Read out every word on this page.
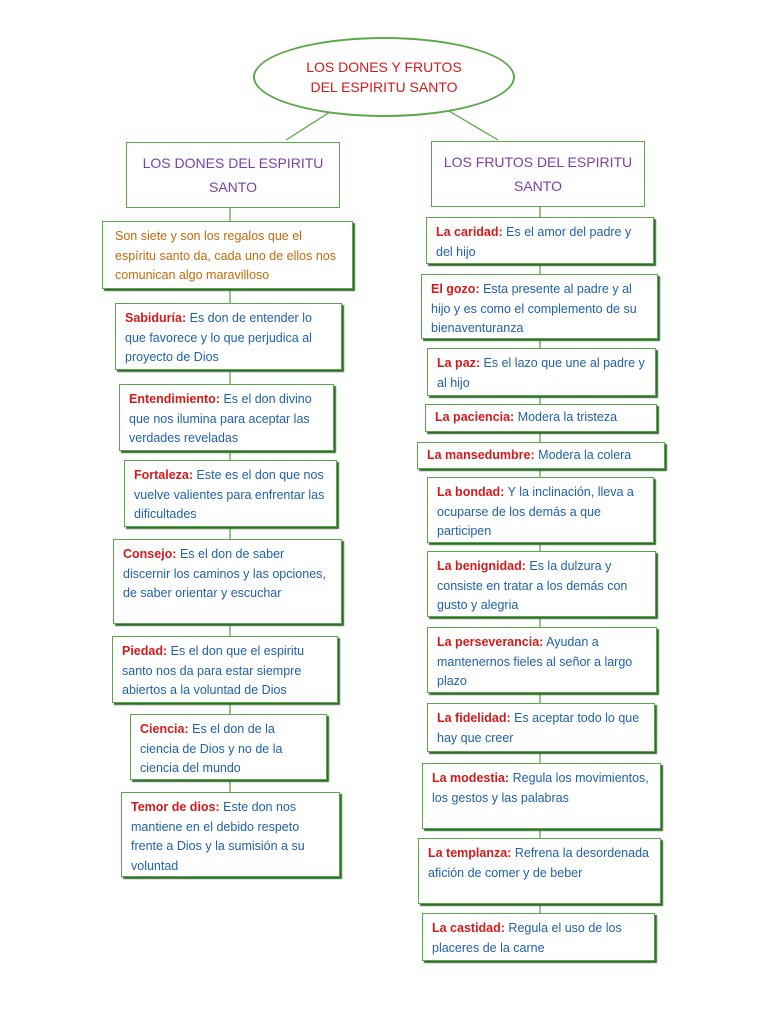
LOS DONES Y FRUTOS
DEL ESPIRITU SANTO
LOS DONES DEL ESPIRITU SANTO
LOS FRUTOS DEL ESPIRITU SANTO
Son siete y son los regalos que el espíritu santo da, cada uno de ellos nos comunican algo maravilloso
Sabiduría: Es don de entender lo que favorece y lo que perjudica al proyecto de Dios
Entendimiento: Es el don divino que nos ilumina para aceptar las verdades reveladas
Fortaleza: Este es el don que nos vuelve valientes para enfrentar las dificultades
Consejo: Es el don de saber discernir los caminos y las opciones, de saber orientar y escuchar
Piedad: Es el don que el espiritu santo nos da para estar siempre abiertos a la voluntad de Dios
Ciencia: Es el don de la ciencia de Dios y no de la ciencia del mundo
Temor de dios: Este don nos mantiene en el debido respeto frente a Dios y la sumisión a su voluntad
La caridad: Es el amor del padre y del hijo
El gozo: Esta presente al padre y al hijo y es como el complemento de su bienaventuranza
La paz: Es el lazo que une al padre y al hijo
La paciencia: Modera la tristeza
La mansedumbre: Modera la colera
La bondad: Y la inclinación, lleva a ocuparse de los demás a que participen
La benignidad: Es la dulzura y consiste en tratar a los demás con gusto y alegria
La perseverancia: Ayudan a mantenernos fieles al señor a largo plazo
La fidelidad: Es aceptar todo lo que hay que creer
La modestia: Regula los movimientos, los gestos y las palabras
La templanza: Refrena la desordenada afición de comer y de beber
La castidad: Regula el uso de los placeres de la carne
